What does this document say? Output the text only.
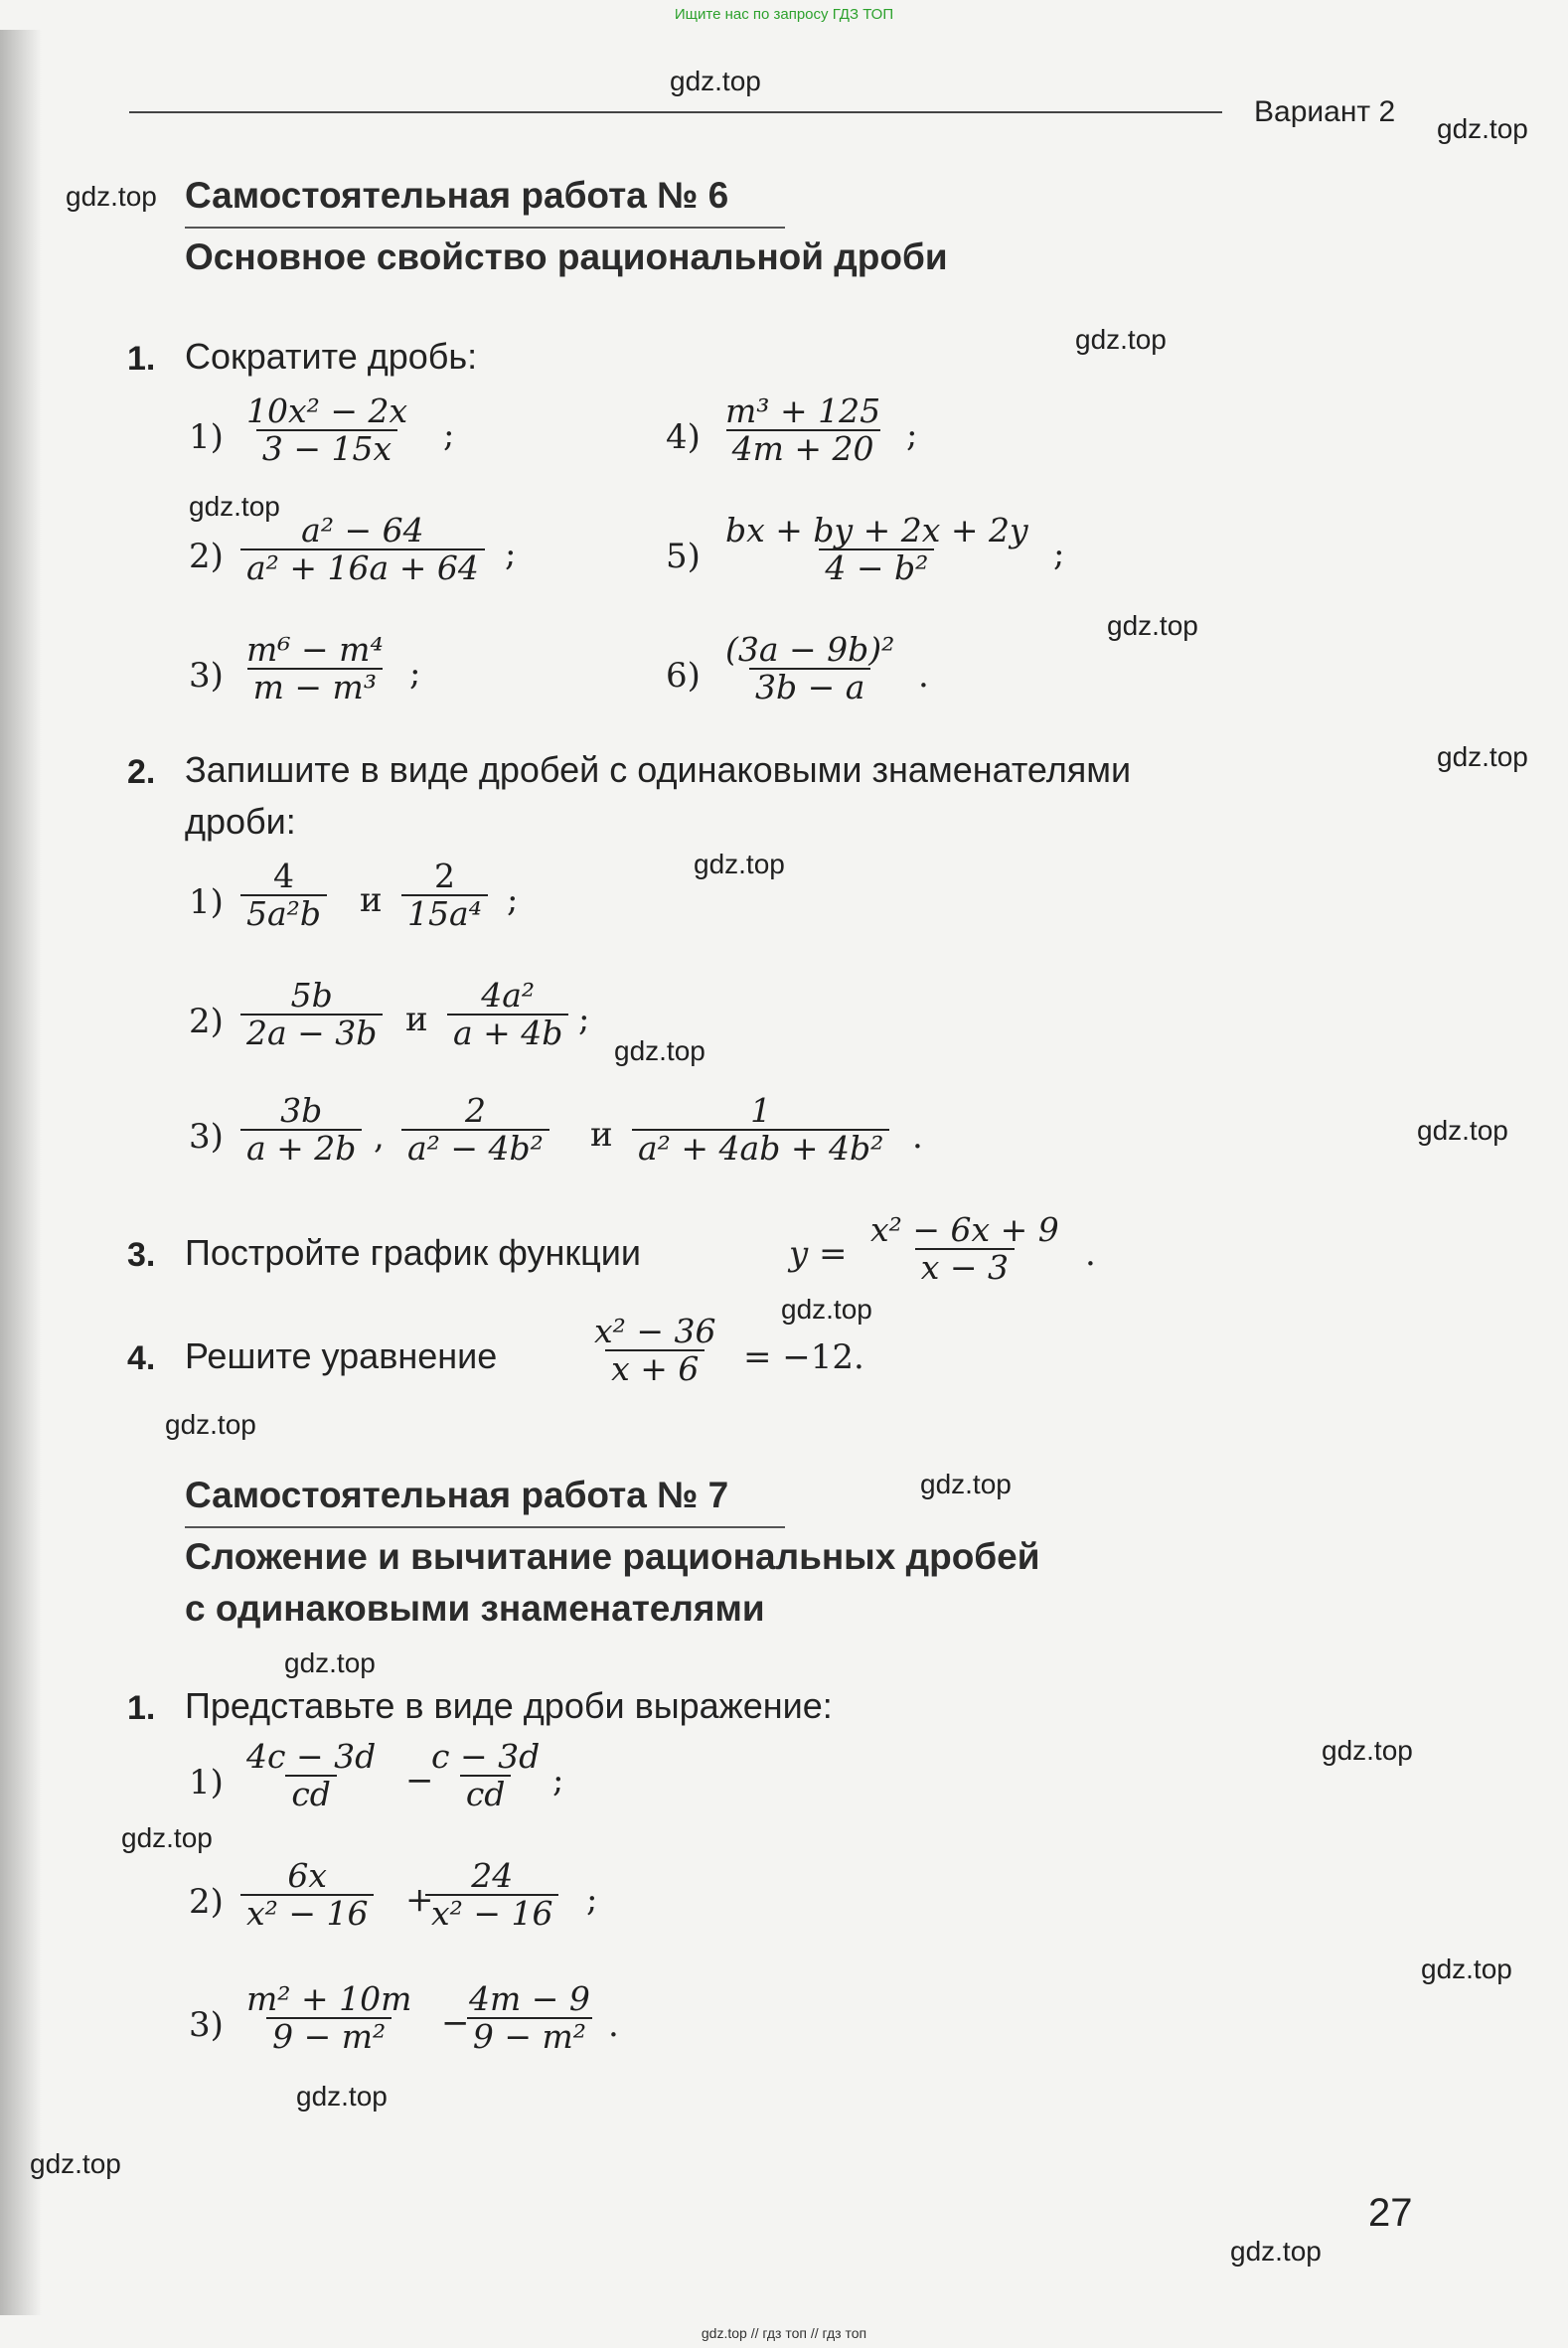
Ищите нас по запросу ГДЗ ТОП
Вариант 2
gdz.top
gdz.top
gdz.top
gdz.top
gdz.top
gdz.top
gdz.top
gdz.top
gdz.top
gdz.top
gdz.top
gdz.top
gdz.top
gdz.top
gdz.top
gdz.top
gdz.top
gdz.top
gdz.top
gdz.top
Самостоятельная работа № 6
Основное свойство рациональной дроби
1. Сократите дробь:
$1) \frac{\text{10x² − 2x}}{3 - 15x}$ ;
$2) \frac{\text{a² − 64}}{\text{a² + 16a + 64}}$ ;
$3) \frac{\text{m⁶ − m⁴}}{\text{m − m³}}$ ;
$4) \frac{\text{m³ + 125}}{4m + 20}$ ;
$5) \frac{bx + by + 2x + 2y}{\text{4 − b²}}$ ;
$6) \frac{\text{(3a − 9b)²}}{3b - a}$ .
2. Запишите в виде дробей с одинаковыми знаменателями
дроби:
$1) \frac{4}{\text{5a²b}}$ и $\frac{2}{\text{15a⁴}}$ ;
$2) \frac{5b}{2a - 3b}$ и $\frac{\text{4a²}}{a + 4b}$ ;
$3) \frac{3b}{a + 2b}$ , $\frac{2}{\text{a² − 4b²}}$ и $\frac{1}{\text{a² + 4ab + 4b²}}$ .
3. Постройте график функции	$y = \frac{\text{x² − 6x + 9}}{x - 3}$ .
4. Решите уравнение	$\frac{\text{x² − 36}}{x + 6} = -12$.
Самостоятельная работа № 7
Сложение и вычитание рациональных дробей
с одинаковыми знаменателями
1. Представьте в виде дроби выражение:
$1) \frac{4c - 3d}{cd}$ −
$\frac{c - 3d}{cd}$ ;
$2) \frac{6x}{\text{x² − 16}}$ +
$\frac{24}{\text{x² − 16}}$ ;
$3) \frac{\text{m² + 10m}}{\text{9 − m²}}$ −
$\frac{4m - 9}{\text{9 − m²}}$ .
27
gdz.top // гдз топ // гдз топ
